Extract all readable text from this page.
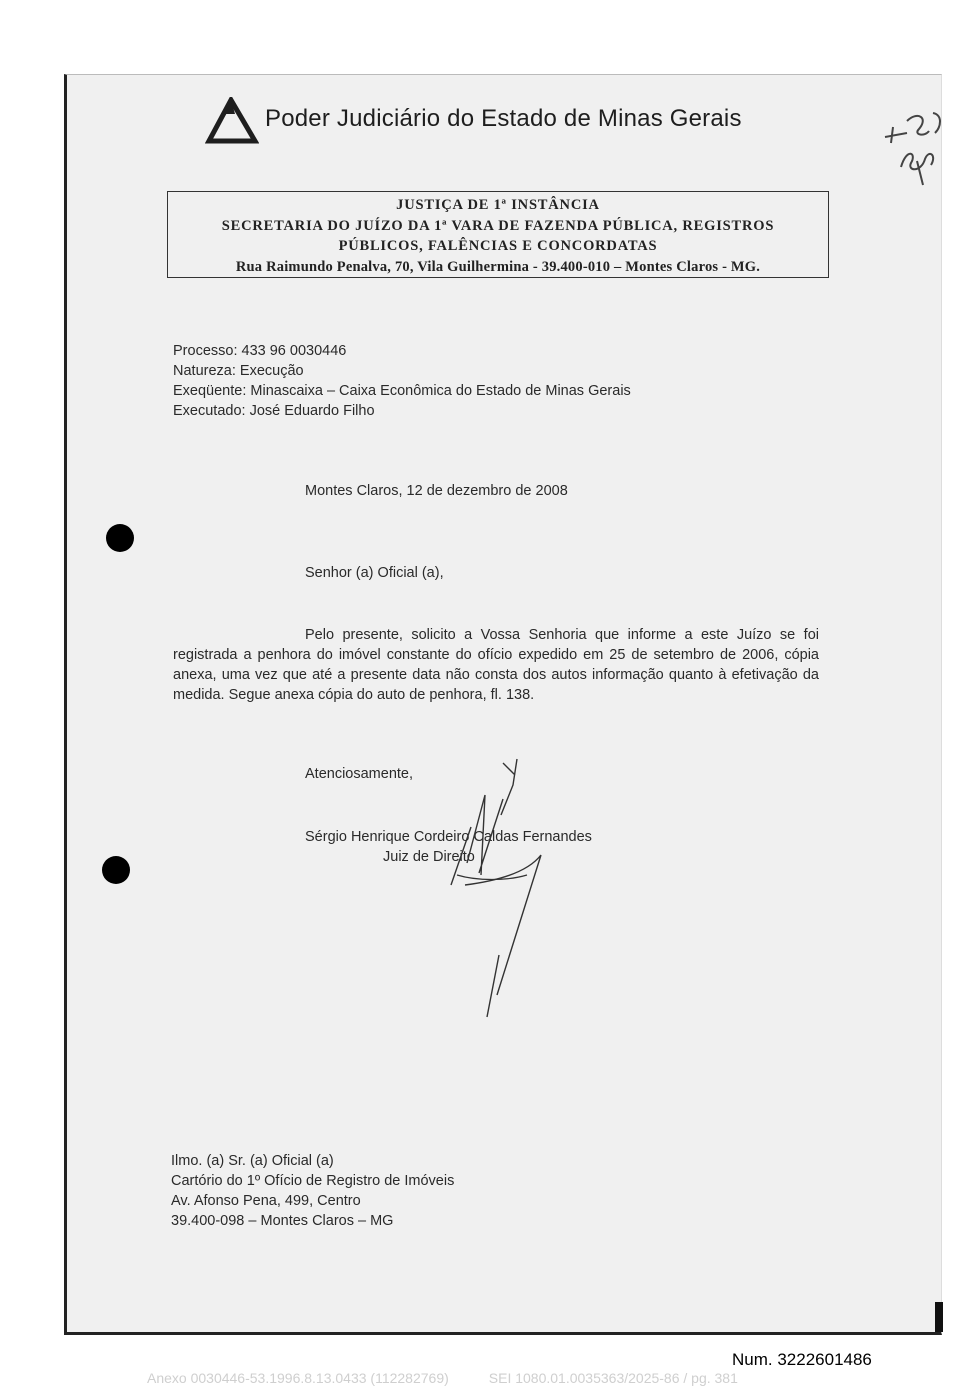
Poder Judiciário do Estado de Minas Gerais
JUSTIÇA DE 1ª INSTÂNCIA
SECRETARIA DO JUÍZO DA 1ª VARA DE FAZENDA PÚBLICA, REGISTROS
PÚBLICOS, FALÊNCIAS E CONCORDATAS
Rua Raimundo Penalva, 70, Vila Guilhermina - 39.400-010 – Montes Claros - MG.
Processo: 433 96 0030446
Natureza: Execução
Exeqüente: Minascaixa – Caixa Econômica do Estado de Minas Gerais
Executado: José Eduardo Filho
Montes Claros, 12 de dezembro de 2008
Senhor (a) Oficial (a),

Pelo presente, solicito a Vossa Senhoria que informe a este Juízo se foi registrada a penhora do imóvel constante do ofício expedido em 25 de setembro de 2006, cópia anexa, uma vez que até a presente data não consta dos autos informação quanto à efetivação da medida. Segue anexa cópia do auto de penhora, fl. 138.

Atenciosamente,
Sérgio Henrique Cordeiro Caldas Fernandes
Juiz de Direito
Ilmo. (a) Sr. (a) Oficial (a)
Cartório do 1º Ofício de Registro de Imóveis
Av. Afonso Pena, 499, Centro
39.400-098 – Montes Claros – MG
Num. 3222601486
Anexo 0030446-53.1996.8.13.0433 (112282769)	SEI 1080.01.0035363/2025-86 / pg. 381
